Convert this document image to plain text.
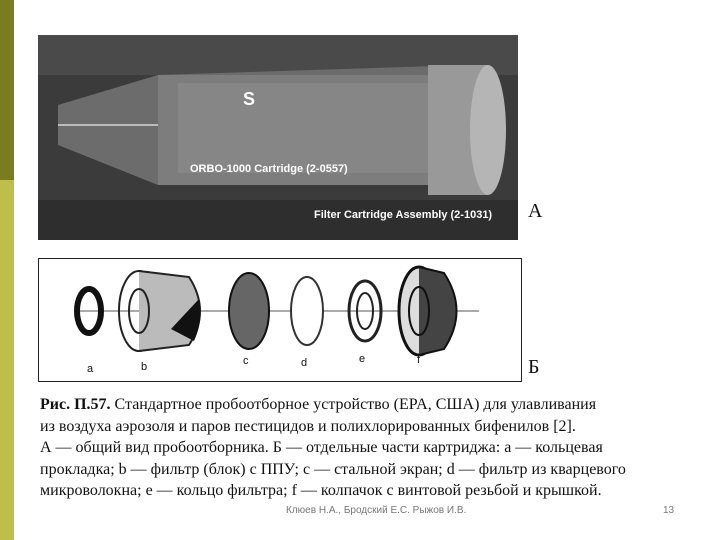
S
ORBO-1000 Cartridge (2-0557)
Filter Cartridge Assembly (2-1031) А
a	b	c	d	e	f	Б

Рис. П.57. Стандартное пробоотборное устройство (EPA, США) для улавливания

из воздуха аэрозоля и паров пестицидов и полихлорированных бифенилов [2].

А — общий вид пробоотборника. Б — отдельные части картриджа: a — кольцевая

прокладка; b — фильтр (блок) с ППУ; c — стальной экран; d — фильтр из кварцевого

микроволокна; e — кольцо фильтра; f — колпачок с винтовой резьбой и крышкой.

Клюев Н.А., Бродский Е.С. Рыжов И.В.	13
